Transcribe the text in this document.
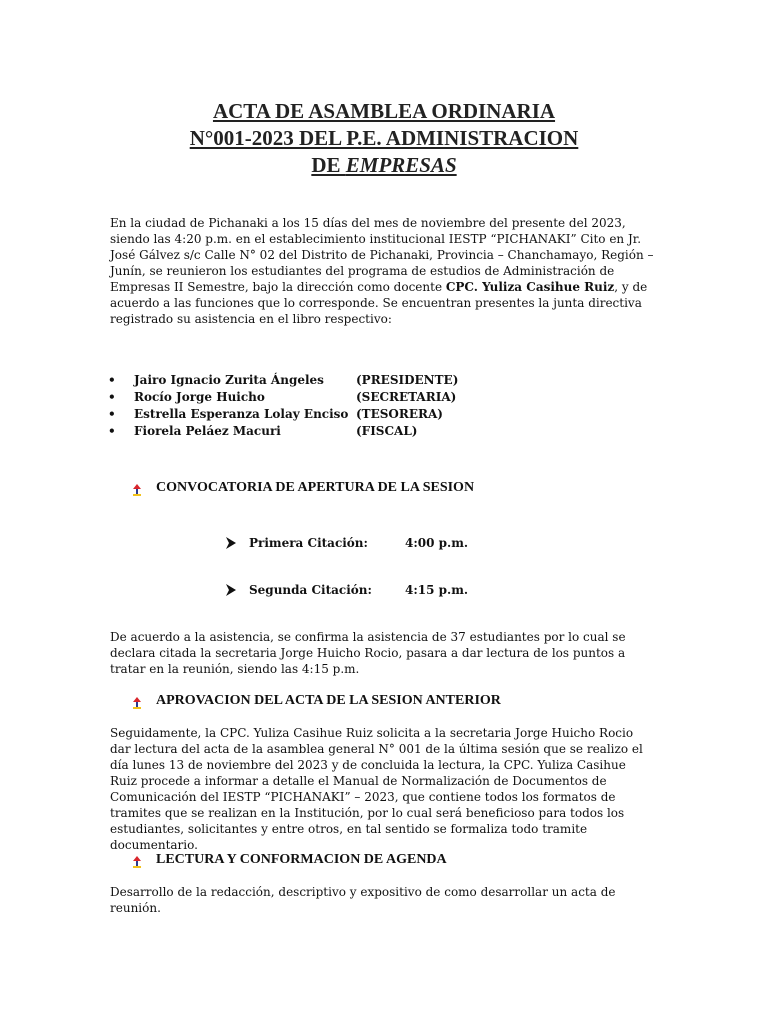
ACTA DE ASAMBLEA ORDINARIA
N°001-2023 DEL P.E. ADMINISTRACION
DE EMPRESAS
En la ciudad de Pichanaki a los 15 días del mes de noviembre del presente del 2023, siendo las 4:20 p.m. en el establecimiento institucional IESTP “PICHANAKI” Cito en Jr. José Gálvez s/c Calle N° 02 del Distrito de Pichanaki, Provincia – Chanchamayo, Región – Junín, se reunieron los estudiantes del programa de estudios de Administración de Empresas II Semestre, bajo la dirección como docente CPC. Yuliza Casihue Ruiz, y de acuerdo a las funciones que lo corresponde. Se encuentran presentes la junta directiva registrado su asistencia en el libro respectivo:
• Jairo Ignacio Zurita Ángeles	(PRESIDENTE)
• Rocío Jorge Huicho	(SECRETARIA)
• Estrella Esperanza Lolay Enciso (TESORERA)
• Fiorela Peláez Macuri	(FISCAL)
CONVOCATORIA DE APERTURA DE LA SESION
Primera Citación:	4:00 p.m.
Segunda Citación:	4:15 p.m.
De acuerdo a la asistencia, se confirma la asistencia de 37 estudiantes por lo cual se declara citada la secretaria Jorge Huicho Rocio, pasara a dar lectura de los puntos a tratar en la reunión, siendo las 4:15 p.m.
APROVACION DEL ACTA DE LA SESION ANTERIOR
Seguidamente, la CPC. Yuliza Casihue Ruiz solicita a la secretaria Jorge Huicho Rocio dar lectura del acta de la asamblea general N° 001 de la última sesión que se realizo el día lunes 13 de noviembre del 2023 y de concluida la lectura, la CPC. Yuliza Casihue Ruiz procede a informar a detalle el Manual de Normalización de Documentos de Comunicación del IESTP “PICHANAKI” – 2023, que contiene todos los formatos de tramites que se realizan en la Institución, por lo cual será beneficioso para todos los estudiantes, solicitantes y entre otros, en tal sentido se formaliza todo tramite documentario.
LECTURA Y CONFORMACION DE AGENDA
Desarrollo de la redacción, descriptivo y expositivo de como desarrollar un acta de reunión.
